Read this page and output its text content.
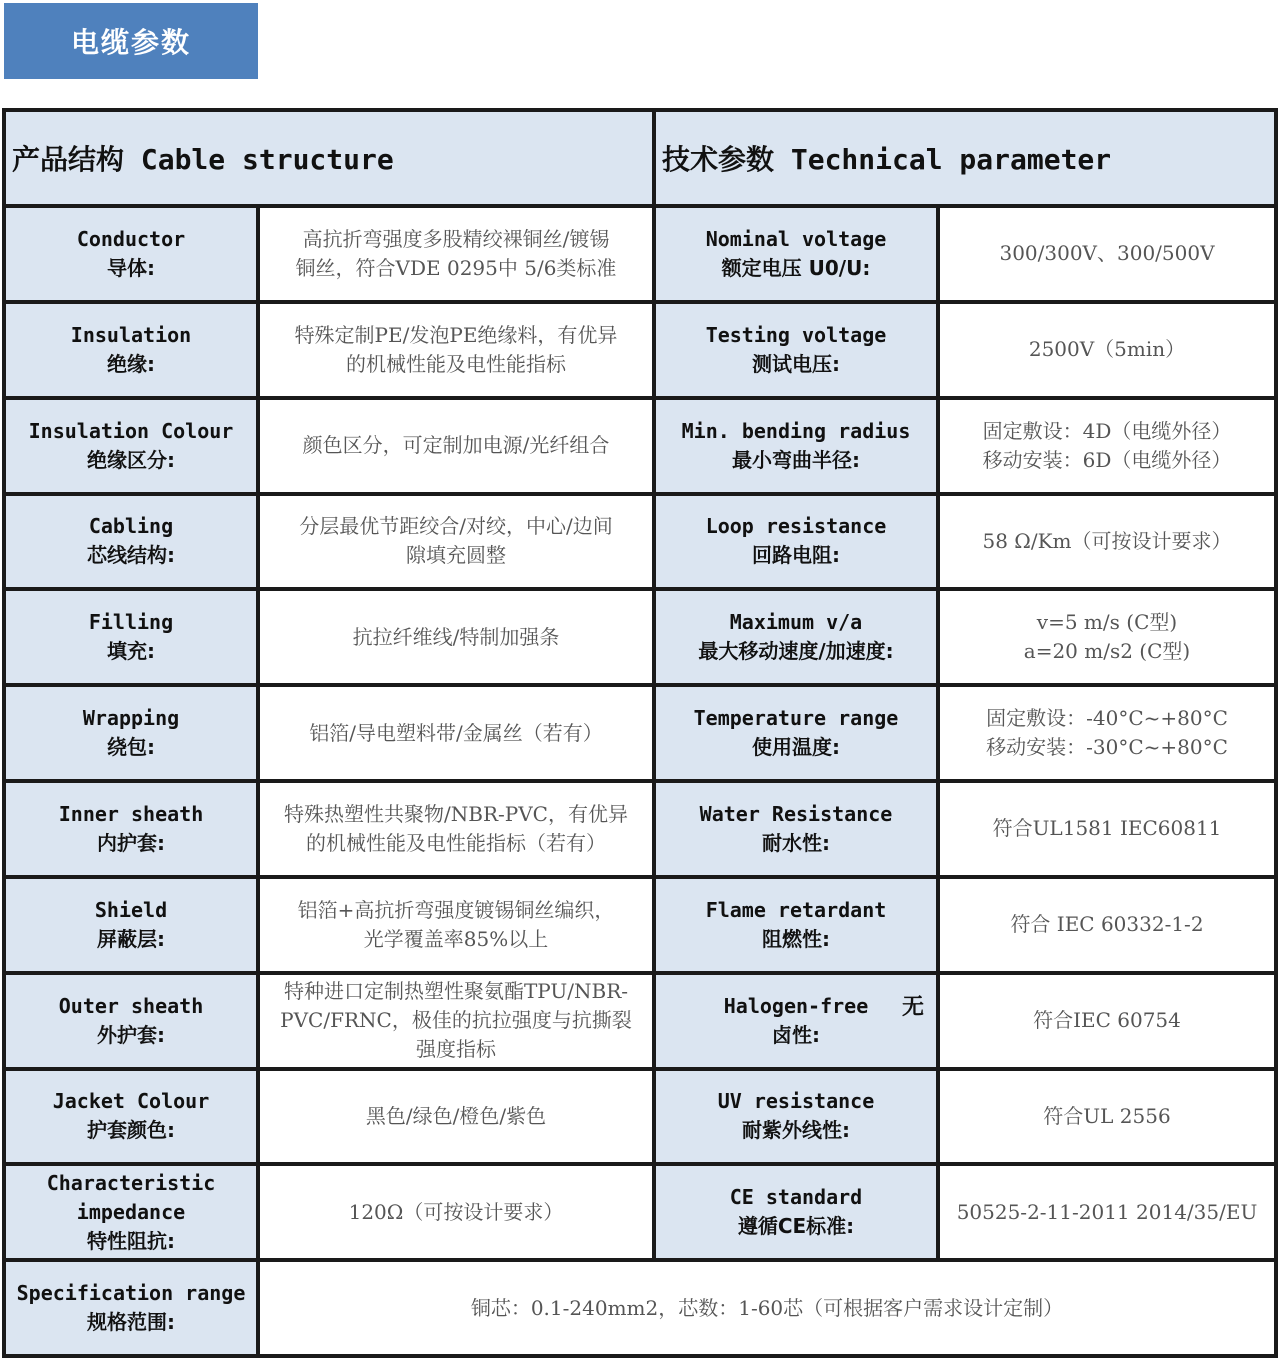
电缆参数
产品结构 Cable structure	技术参数 Technical parameter
Conductor
导体:
高抗折弯强度多股精绞裸铜丝/镀锡
铜丝，符合VDE 0295中 5/6类标准
Nominal voltage
额定电压 U0/U:
300/300V、300/500V
Insulation
绝缘:
特殊定制PE/发泡PE绝缘料，有优异
的机械性能及电性能指标
Testing voltage
测试电压:
2500V（5min）
Insulation Colour
绝缘区分:
颜色区分，可定制加电源/光纤组合
Min. bending radius
最小弯曲半径:
固定敷设：4D（电缆外径）
移动安装：6D（电缆外径）
Cabling
芯线结构:
分层最优节距绞合/对绞，中心/边间
隙填充圆整
Loop resistance
回路电阻:
58 Ω/Km（可按设计要求）
Filling
填充:
抗拉纤维线/特制加强条
Maximum v/a
最大移动速度/加速度:
v=5 m/s (C型)
a=20 m/s2 (C型)
Wrapping
绕包:
铝箔/导电塑料带/金属丝（若有）
Temperature range
使用温度:
固定敷设：-40°C~+80°C
移动安装：-30°C~+80°C
Inner sheath
内护套:
特殊热塑性共聚物/NBR-PVC，有优异
的机械性能及电性能指标（若有）
Water Resistance
耐水性:
符合UL1581 IEC60811
Shield
屏蔽层:
铝箔+高抗折弯强度镀锡铜丝编织，
光学覆盖率85%以上
Flame retardant
阻燃性:
符合 IEC 60332-1-2
Outer sheath
外护套:
特种进口定制热塑性聚氨酯TPU/NBR-
PVC/FRNC，极佳的抗拉强度与抗撕裂
强度指标
Halogen-free
卤性:
无
符合IEC 60754
Jacket Colour
护套颜色:
黑色/绿色/橙色/紫色
UV resistance
耐紫外线性:
符合UL 2556
Characteristic
impedance
特性阻抗:
120Ω（可按设计要求）
CE standard
遵循CE标准:
50525-2-11-2011 2014/35/EU
Specification range
规格范围:
铜芯：0.1-240mm2，芯数：1-60芯（可根据客户需求设计定制）
